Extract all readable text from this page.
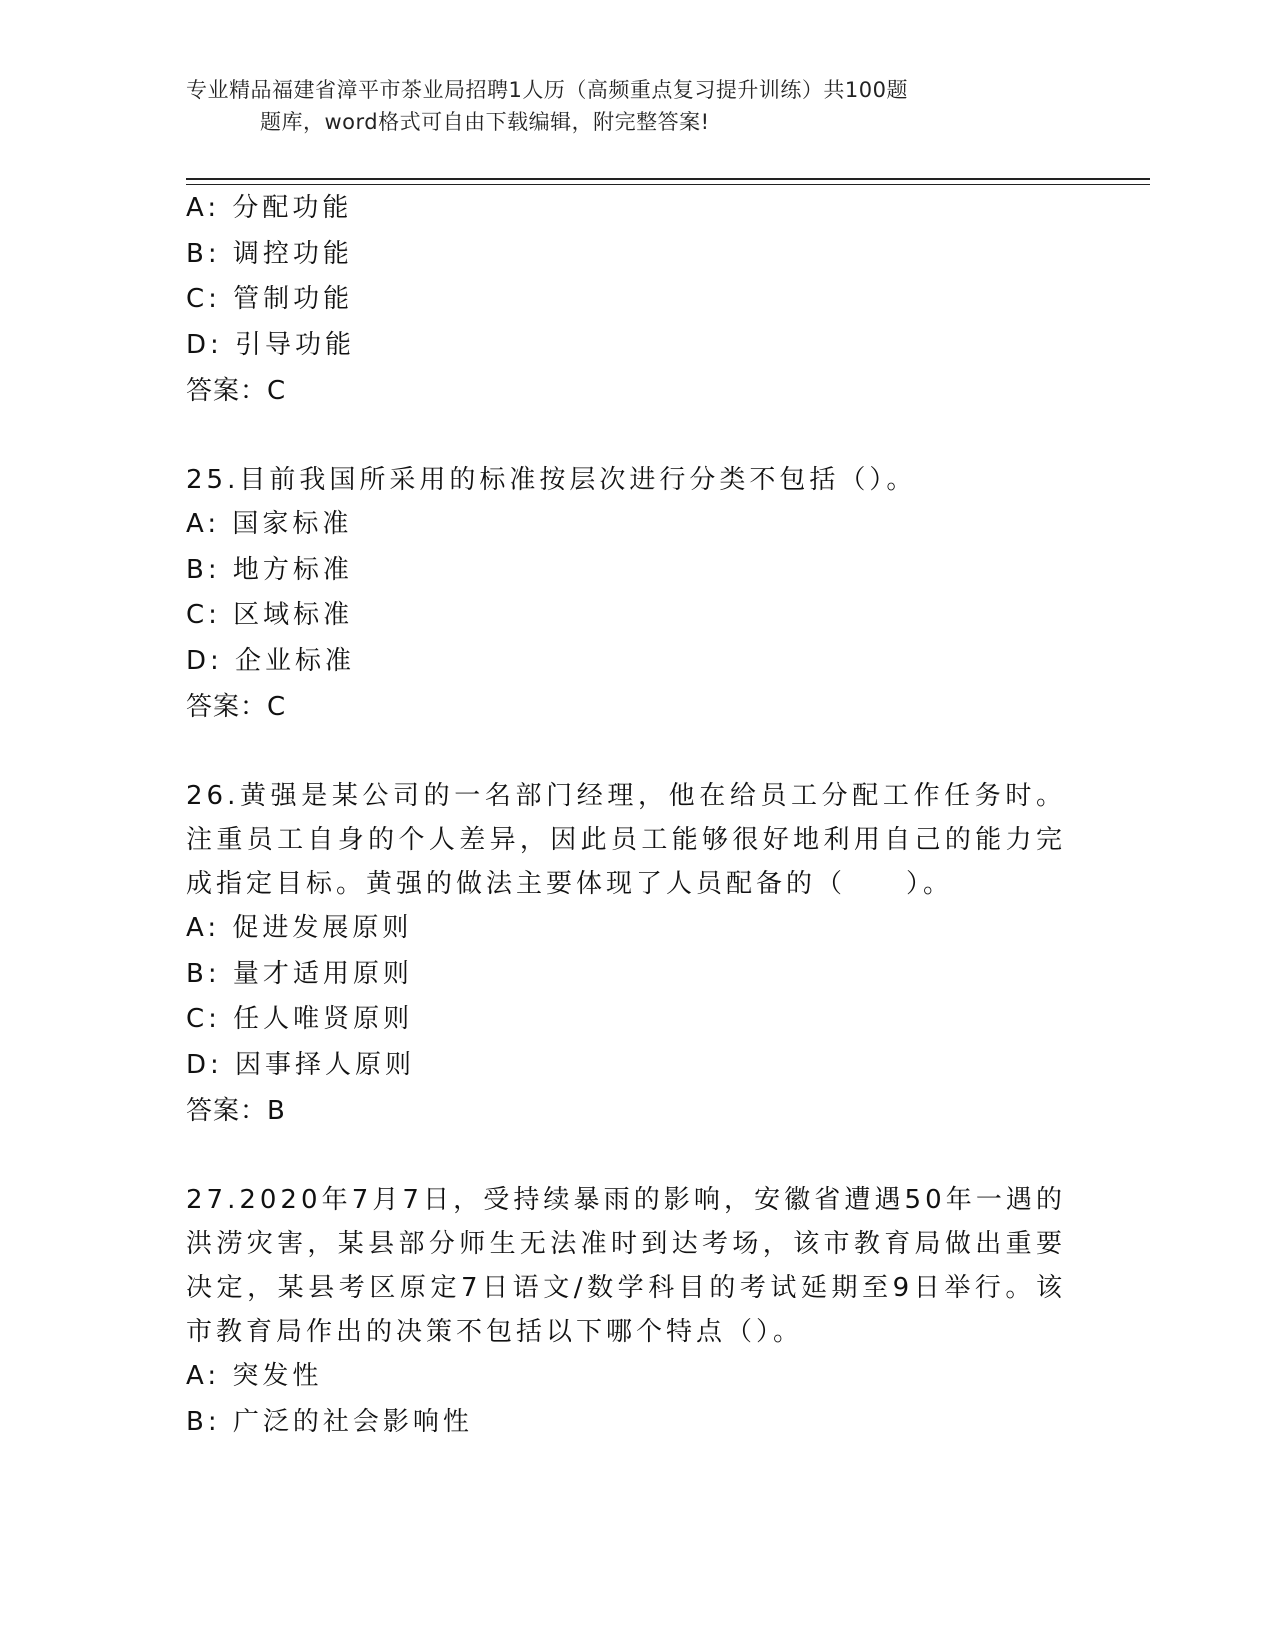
专业精品福建省漳平市茶业局招聘1人历（高频重点复习提升训练）共100题
题库，word格式可自由下载编辑，附完整答案!
A: 分配功能
B: 调控功能
C: 管制功能
D: 引导功能
答案：C

25.目前我国所采用的标准按层次进行分类不包括（）。

A: 国家标准
B: 地方标准
C: 区域标准
D: 企业标准
答案：C

26.黄强是某公司的一名部门经理，他在给员工分配工作任务时。注重员工自身的个人差异，因此员工能够很好地利用自己的能力完成指定目标。黄强的做法主要体现了人员配备的（　　）。

A: 促进发展原则
B: 量才适用原则
C: 任人唯贤原则
D: 因事择人原则
答案：B

27.2020年7月7日，受持续暴雨的影响，安徽省遭遇50年一遇的洪涝灾害，某县部分师生无法准时到达考场，该市教育局做出重要决定，某县考区原定7日语文/数学科目的考试延期至9日举行。该市教育局作出的决策不包括以下哪个特点（）。

A: 突发性
B: 广泛的社会影响性
